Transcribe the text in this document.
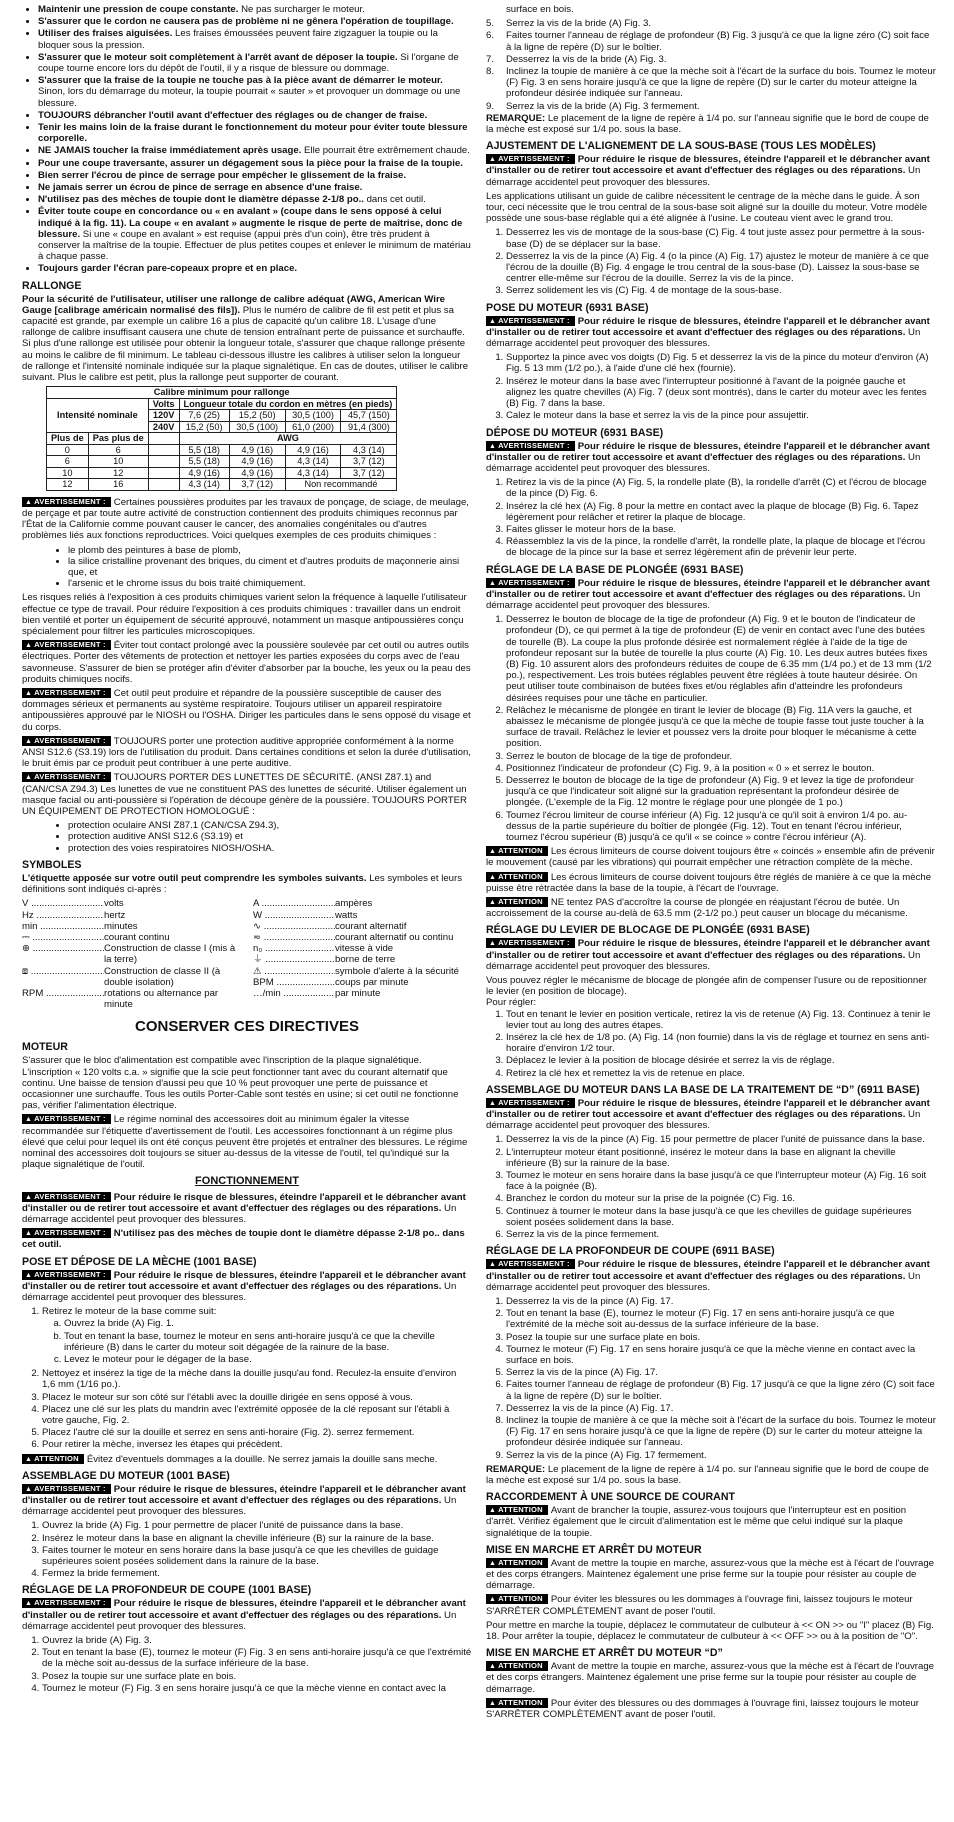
• Maintenir une pression de coupe constante. Ne pas surcharger le moteur.
• S'assurer que le cordon ne causera pas de problème ni ne gênera l'opération de toupillage.
• Utiliser des fraises aiguisées. Les fraises émoussées peuvent faire zigzaguer la toupie ou la bloquer sous la pression.
• S'assurer que le moteur soit complètement à l'arrêt avant de déposer la toupie. Si l'organe de coupe tourne encore lors du dépôt de l'outil, il y a risque de blessure ou dommage.
• S'assurer que la fraise de la toupie ne touche pas à la pièce avant de démarrer le moteur. Sinon, lors du démarrage du moteur, la toupie pourrait « sauter » et provoquer un dommage ou une blessure.
• TOUJOURS débrancher l'outil avant d'effectuer des réglages ou de changer de fraise.
• Tenir les mains loin de la fraise durant le fonctionnement du moteur pour éviter toute blessure corporelle.
• NE JAMAIS toucher la fraise immédiatement après usage. Elle pourrait être extrêmement chaude.
• Pour une coupe traversante, assurer un dégagement sous la pièce pour la fraise de la toupie.
• Bien serrer l'écrou de pince de serrage pour empêcher le glissement de la fraise.
• Ne jamais serrer un écrou de pince de serrage en absence d'une fraise.
• N'utilisez pas des mèches de toupie dont le diamètre dépasse 2-1/8 po.. dans cet outil.
• Éviter toute coupe en concordance ou « en avalant » (coupe dans le sens opposé à celui indiqué à la fig. 11). La coupe « en avalant » augmente le risque de perte de maîtrise, donc de blessure. Si une « coupe en avalant » est requise (appui près d'un coin), être très prudent à conserver la maîtrise de la toupie. Effectuer de plus petites coupes et enlever le minimum de matériau à chaque passe.
• Toujours garder l'écran pare-copeaux propre et en place.
RALLONGE

Pour la sécurité de l'utilisateur, utiliser une rallonge de calibre adéquat (AWG, American Wire Gauge [calibrage américain normalisé des fils]). Plus le numéro de calibre de fil est petit et plus sa capacité est grande, par exemple un calibre 16 a plus de capacité qu'un calibre 18. L'usage d'une rallonge de calibre insuffisant causera une chute de tension entraînant perte de puissance et surchauffe. Si plus d'une rallonge est utilisée pour obtenir la longueur totale, s'assurer que chaque rallonge présente au moins le calibre de fil minimum. Le tableau ci-dessous illustre les calibres à utiliser selon la longueur de rallonge et l'intensité nominale indiquée sur la plaque signalétique. En cas de doutes, utiliser le calibre suivant. Plus le calibre est petit, plus la rallonge peut supporter de courant.

Calibre minimum pour rallonge						
Intensité nominale		Volts	Longueur totale du cordon en mètres (en pieds)			
		120V	7,6 (25)	15,2 (50)	30,5 (100)	45,7 (150)
		240V	15,2 (50)	30,5 (100)	61,0 (200)	91,4 (300)
Plus de	Pas plus de		AWG			
0	6		5,5 (18)	4,9 (16)	4,9 (16)	4,3 (14)
6	10		5,5 (18)	4,9 (16)	4,3 (14)	3,7 (12)
10	12		4,9 (16)	4,9 (16)	4,3 (14)	3,7 (12)
12	16		4,3 (14)	3,7 (12)	Non recommandé	

▲ AVERTISSEMENT : Certaines poussières produites par les travaux de ponçage, de sciage, de meulage, de perçage et par toute autre activité de construction contiennent des produits chimiques reconnus par l'État de la Californie comme pouvant causer le cancer, des anomalies congénitales ou d'autres problèmes liés aux fonctions reproductrices. Voici quelques exemples de ces produits chimiques :

• le plomb des peintures à base de plomb,
• la silice cristalline provenant des briques, du ciment et d'autres produits de maçonnerie ainsi que, et
• l'arsenic et le chrome issus du bois traité chimiquement.

Les risques reliés à l'exposition à ces produits chimiques varient selon la fréquence à laquelle l'utilisateur effectue ce type de travail. Pour réduire l'exposition à ces produits chimiques : travailler dans un endroit bien ventilé et porter un équipement de sécurité approuvé, notamment un masque antipoussières conçu spécialement pour filtrer les particules microscopiques.

▲ AVERTISSEMENT : Éviter tout contact prolongé avec la poussière soulevée par cet outil ou autres outils électriques. Porter des vêtements de protection et nettoyer les parties exposées du corps avec de l'eau savonneuse. S'assurer de bien se protéger afin d'éviter d'absorber par la bouche, les yeux ou la peau des produits chimiques nocifs.

▲ AVERTISSEMENT : Cet outil peut produire et répandre de la poussière susceptible de causer des dommages sérieux et permanents au système respiratoire. Toujours utiliser un appareil respiratoire antipoussières approuvé par le NIOSH ou l'OSHA. Diriger les particules dans le sens opposé du visage et du corps.

▲ AVERTISSEMENT : TOUJOURS porter une protection auditive appropriée conformément à la norme ANSI S12.6 (S3.19) lors de l'utilisation du produit. Dans certaines conditions et selon la durée d'utilisation, le bruit émis par ce produit peut contribuer à une perte auditive.

▲ AVERTISSEMENT : TOUJOURS PORTER DES LUNETTES DE SÉCURITÉ. (ANSI Z87.1) and (CAN/CSA Z94.3) Les lunettes de vue ne constituent PAS des lunettes de sécurité. Utiliser également un masque facial ou anti-poussière si l'opération de découpe génère de la poussière. TOUJOURS PORTER UN ÉQUIPEMENT DE PROTECTION HOMOLOGUÉ :

• protection oculaire ANSI Z87.1 (CAN/CSA Z94.3),
• protection auditive ANSI S12.6 (S3.19) et
• protection des voies respiratoires NIOSH/OSHA.
SYMBOLES

L'étiquette apposée sur votre outil peut comprendre les symboles suivants. Les symboles et leurs définitions sont indiqués ci-après :

V .....	volts
Hz .....	hertz
min .....	minutes
⎓ .....	courant continu
⊕ .....	Construction de classe I (mis à la terre)
⧈ .....	Construction de classe II (à double isolation)
RPM .....	rotations ou alternance par minute
A .....	ampères
W .....	watts
∿ .....	courant alternatif
≂ .....	courant alternatif ou continu
n₀ .....	vitesse à vide
⏚ .....	borne de terre
⚠ .....	symbole d'alerte à la sécurité
BPM .....	coups par minute
…/min .....	par minute
CONSERVER CES DIRECTIVES
MOTEUR

S'assurer que le bloc d'alimentation est compatible avec l'inscription de la plaque signalétique. L'inscription « 120 volts c.a. » signifie que la scie peut fonctionner tant avec du courant alternatif que continu. Une baisse de tension d'aussi peu que 10 % peut provoquer une perte de puissance et occasionner une surchauffe. Tous les outils Porter-Cable sont testés en usine; si cet outil ne fonctionne pas, vérifier l'alimentation électrique.

▲ AVERTISSEMENT : Le régime nominal des accessoires doit au minimum égaler la vitesse recommandée sur l'étiquette d'avertissement de l'outil. Les accessoires fonctionnant à un régime plus élevé que celui pour lequel ils ont été conçus peuvent être projetés et entraîner des blessures. Le régime nominal des accessoires doit toujours se situer au-dessus de la vitesse de l'outil, tel qu'indiqué sur la plaque signalétique de l'outil.

FONCTIONNEMENT

▲ AVERTISSEMENT : Pour réduire le risque de blessures, éteindre l'appareil et le débrancher avant d'installer ou de retirer tout accessoire et avant d'effectuer des réglages ou des réparations. Un démarrage accidentel peut provoquer des blessures.

▲ AVERTISSEMENT : N'utilisez pas des mèches de toupie dont le diamètre dépasse 2-1/8 po.. dans cet outil.

POSE ET DÉPOSE DE LA MÈCHE (1001 BASE)

▲ AVERTISSEMENT : Pour réduire le risque de blessures, éteindre l'appareil et le débrancher avant d'installer ou de retirer tout accessoire et avant d'effectuer des réglages ou des réparations. Un démarrage accidentel peut provoquer des blessures.

1. Retirez le moteur de la base comme suit:
a. Ouvrez la bride (A) Fig. 1.
b. Tout en tenant la base, tournez le moteur en sens anti-horaire jusqu'à ce que la cheville inférieure (B) dans le carter du moteur soit dégagée de la rainure de la base.
c. Levez le moteur pour le dégager de la base.
2. Nettoyez et insérez la tige de la mèche dans la douille jusqu'au fond. Reculez-la ensuite d'environ 1,6 mm (1/16 po.).
3. Placez le moteur sur son côté sur l'établi avec la douille dirigée en sens opposé à vous.
4. Placez une clé sur les plats du mandrin avec l'extrémité opposée de la clé reposant sur l'établi à votre gauche, Fig. 2.
5. Placez l'autre clé sur la douille et serrez en sens anti-horaire (Fig. 2). serrez fermement.
6. Pour retirer la mèche, inversez les étapes qui précèdent.

▲ ATTENTION Évitez d'eventuels dommages a la douille. Ne serrez jamais la douille sans meche.

ASSEMBLAGE DU MOTEUR (1001 BASE)

▲ AVERTISSEMENT : Pour réduire le risque de blessures, éteindre l'appareil et le débrancher avant d'installer ou de retirer tout accessoire et avant d'effectuer des réglages ou des réparations. Un démarrage accidentel peut provoquer des blessures.

1. Ouvrez la bride (A) Fig. 1 pour permettre de placer l'unité de puissance dans la base.
2. Insérez le moteur dans la base en alignant la cheville inférieure (B) sur la rainure de la base.
3. Faites tourner le moteur en sens horaire dans la base jusqu'à ce que les chevilles de guidage supérieures soient posées solidement dans la rainure de la base.
4. Fermez la bride fermement.
RÉGLAGE DE LA PROFONDEUR DE COUPE (1001 BASE)

▲ AVERTISSEMENT : Pour réduire le risque de blessures, éteindre l'appareil et le débrancher avant d'installer ou de retirer tout accessoire et avant d'effectuer des réglages ou des réparations. Un démarrage accidentel peut provoquer des blessures.

1. Ouvrez la bride (A) Fig. 3.
2. Tout en tenant la base (E), tournez le moteur (F) Fig. 3 en sens anti-horaire jusqu'à ce que l'extrémité de la mèche soit au-dessus de la surface inférieure de la base.
3. Posez la toupie sur une surface plate en bois.
4. Tournez le moteur (F) Fig. 3 en sens horaire jusqu'à ce que la mèche vienne en contact avec la

surface en bois.

5.	Serrez la vis de la bride (A) Fig. 3.
6.	Faites tourner l'anneau de réglage de profondeur (B) Fig. 3 jusqu'à ce que la ligne zéro (C) soit face à la ligne de repère (D) sur le boîtier.
7.	Desserrez la vis de la bride (A) Fig. 3.
8.	Inclinez la toupie de manière à ce que la mèche soit à l'écart de la surface du bois. Tournez le moteur (F) Fig. 3 en sens horaire jusqu'à ce que la ligne de repère (D) sur le carter du moteur atteigne la profondeur désirée indiquée sur l'anneau.
9.	Serrez la vis de la bride (A) Fig. 3 fermement.

REMARQUE: Le placement de la ligne de repère à 1/4 po. sur l'anneau signifie que le bord de coupe de la mèche est exposé sur 1/4 po. sous la base.

AJUSTEMENT DE L'ALIGNEMENT DE LA SOUS-BASE (TOUS LES MODÈLES)

▲ AVERTISSEMENT : Pour réduire le risque de blessures, éteindre l'appareil et le débrancher avant d'installer ou de retirer tout accessoire et avant d'effectuer des réglages ou des réparations. Un démarrage accidentel peut provoquer des blessures.

Les applications utilisant un guide de calibre nécessitent le centrage de la mèche dans le guide. À son tour, ceci nécessite que le trou central de la sous-base soit aligné sur la douille du moteur. Votre modèle possède une sous-base réglable qui a été alignée à l'usine. Le couteau vient avec le grand trou.

1. Desserrez les vis de montage de la sous-base (C) Fig. 4 tout juste assez pour permettre à la sous-base (D) de se déplacer sur la base.
2. Desserrez la vis de la pince (A) Fig. 4 (o la pince (A) Fig. 17) ajustez le moteur de manière à ce que l'écrou de la douille (B) Fig. 4 engage le trou central de la sous-base (D). Laissez la sous-base se centrer elle-même sur l'écrou de la douille. Serrez la vis de la pince.
3. Serrez solidement les vis (C) Fig. 4 de montage de la sous-base.
POSE DU MOTEUR (6931 BASE)

▲ AVERTISSEMENT : Pour réduire le risque de blessures, éteindre l'appareil et le débrancher avant d'installer ou de retirer tout accessoire et avant d'effectuer des réglages ou des réparations. Un démarrage accidentel peut provoquer des blessures.

1. Supportez la pince avec vos doigts (D) Fig. 5 et desserrez la vis de la pince du moteur d'environ (A) Fig. 5 13 mm (1/2 po.), à l'aide d'une clé hex (fournie).
2. Insérez le moteur dans la base avec l'interrupteur positionné à l'avant de la poignée gauche et alignez les quatre chevilles (A) Fig. 7 (deux sont montrés), dans le carter du moteur avec les fentes (B) Fig. 7 dans la base.
3. Calez le moteur dans la base et serrez la vis de la pince pour assujettir.
DÉPOSE DU MOTEUR (6931 BASE)

▲ AVERTISSEMENT : Pour réduire le risque de blessures, éteindre l'appareil et le débrancher avant d'installer ou de retirer tout accessoire et avant d'effectuer des réglages ou des réparations. Un démarrage accidentel peut provoquer des blessures.

1. Retirez la vis de la pince (A) Fig. 5, la rondelle plate (B), la rondelle d'arrêt (C) et l'écrou de blocage de la pince (D) Fig. 6.
2. Insérez la clé hex (A) Fig. 8 pour la mettre en contact avec la plaque de blocage (B) Fig. 6. Tapez légèrement pour relâcher et retirer la plaque de blocage.
3. Faites glisser le moteur hors de la base.
4. Réassemblez la vis de la pince, la rondelle d'arrêt, la rondelle plate, la plaque de blocage et l'écrou de blocage de la pince sur la base et serrez légèrement afin de prévenir leur perte.
RÉGLAGE DE LA BASE DE PLONGÉE (6931 BASE)

▲ AVERTISSEMENT : Pour réduire le risque de blessures, éteindre l'appareil et le débrancher avant d'installer ou de retirer tout accessoire et avant d'effectuer des réglages ou des réparations. Un démarrage accidentel peut provoquer des blessures.

1. Desserrez le bouton de blocage de la tige de profondeur (A) Fig. 9 et le bouton de l'indicateur de profondeur (D), ce qui permet à la tige de profondeur (E) de venir en contact avec l'une des butées de tourelle (B). La coupe la plus profonde désirée est normalement réglée à l'aide de la tige de profondeur reposant sur la butée de tourelle la plus courte (A) Fig. 10. Les deux autres butées fixes (B) Fig. 10 assurent alors des profondeurs réduites de coupe de 6.35 mm (1/4 po.) et de 13 mm (1/2 po.), respectivement. Les trois butées réglables peuvent être réglées à toute hauteur désirée. On peut utiliser toute combinaison de butées fixes et/ou réglables afin d'atteindre les profondeurs désirées requises pour une tâche en particulier.
2. Relâchez le mécanisme de plongée en tirant le levier de blocage (B) Fig. 11A vers la gauche, et abaissez le mécanisme de plongée jusqu'à ce que la mèche de toupie fasse tout juste toucher à la surface de travail. Relâchez le levier et poussez vers la droite pour bloquer le mécanisme à cette position.
3. Serrez le bouton de blocage de la tige de profondeur.
4. Positionnez l'indicateur de profondeur (C) Fig. 9, à la position « 0 » et serrez le bouton.
5. Desserrez le bouton de blocage de la tige de profondeur (A) Fig. 9 et levez la tige de profondeur jusqu'à ce que l'indicateur soit aligné sur la graduation représentant la profondeur désirée de plongée. (L'exemple de la Fig. 12 montre le réglage pour une plongée de 1 po.)
6. Tournez l'écrou limiteur de course inférieur (A) Fig. 12 jusqu'à ce qu'il soit à environ 1/4 po. au-dessus de la partie supérieure du boîtier de plongée (Fig. 12). Tout en tenant l'écrou inférieur, tournez l'écrou supérieur (B) jusqu'à ce qu'il « se coince » contre l'écrou inférieur (A).

▲ ATTENTION Les écrous limiteurs de course doivent toujours être « coincés » ensemble afin de prévenir le mouvement (causé par les vibrations) qui pourrait empêcher une rétraction complète de la mèche.

▲ ATTENTION Les écrous limiteurs de course doivent toujours être réglés de manière à ce que la mèche puisse être rétractée dans la base de la toupie, à l'écart de l'ouvrage.

▲ ATTENTION NE tentez PAS d'accroître la course de plongée en réajustant l'écrou de butée. Un accroissement de la course au-delà de 63.5 mm (2-1/2 po.) peut causer un blocage du mécanisme.

RÉGLAGE DU LEVIER DE BLOCAGE DE PLONGÉE (6931 BASE)

▲ AVERTISSEMENT : Pour réduire le risque de blessures, éteindre l'appareil et le débrancher avant d'installer ou de retirer tout accessoire et avant d'effectuer des réglages ou des réparations. Un démarrage accidentel peut provoquer des blessures.

Vous pouvez régler le mécanisme de blocage de plongée afin de compenser l'usure ou de repositionner le levier (en position de blocage).

Pour régler:

1. Tout en tenant le levier en position verticale, retirez la vis de retenue (A) Fig. 13. Continuez à tenir le levier tout au long des autres étapes.
2. Insérez la clé hex de 1/8 po. (A) Fig. 14 (non fournie) dans la vis de réglage et tournez en sens anti-horaire d'environ 1/2 tour.
3. Déplacez le levier à la position de blocage désirée et serrez la vis de réglage.
4. Retirez la clé hex et remettez la vis de retenue en place.
ASSEMBLAGE DU MOTEUR DANS LA BASE DE LA TRAITEMENT DE “D” (6911 BASE)

▲ AVERTISSEMENT : Pour réduire le risque de blessures, éteindre l'appareil et le débrancher avant d'installer ou de retirer tout accessoire et avant d'effectuer des réglages ou des réparations. Un démarrage accidentel peut provoquer des blessures.

1. Desserrez la vis de la pince (A) Fig. 15 pour permettre de placer l'unité de puissance dans la base.
2. L'interrupteur moteur étant positionné, insérez le moteur dans la base en alignant la cheville inférieure (B) sur la rainure de la base.
3. Tournez le moteur en sens horaire dans la base jusqu'à ce que l'interrupteur moteur (A) Fig. 16 soit face à la poignée (B).
4. Branchez le cordon du moteur sur la prise de la poignée (C) Fig. 16.
5. Continuez à tourner le moteur dans la base jusqu'à ce que les chevilles de guidage supérieures soient posées solidement dans la base.
6. Serrez la vis de la pince fermement.
RÉGLAGE DE LA PROFONDEUR DE COUPE (6911 BASE)

▲ AVERTISSEMENT : Pour réduire le risque de blessures, éteindre l'appareil et le débrancher avant d'installer ou de retirer tout accessoire et avant d'effectuer des réglages ou des réparations. Un démarrage accidentel peut provoquer des blessures.

1. Desserrez la vis de la pince (A) Fig. 17.
2. Tout en tenant la base (E), tournez le moteur (F) Fig. 17 en sens anti-horaire jusqu'à ce que l'extrémité de la mèche soit au-dessus de la surface inférieure de la base.
3. Posez la toupie sur une surface plate en bois.
4. Tournez le moteur (F) Fig. 17 en sens horaire jusqu'à ce que la mèche vienne en contact avec la surface en bois.
5. Serrez la vis de la pince (A) Fig. 17.
6. Faites tourner l'anneau de réglage de profondeur (B) Fig. 17 jusqu'à ce que la ligne zéro (C) soit face à la ligne de repère (D) sur le boîtier.
7. Desserrez la vis de la pince (A) Fig. 17.
8. Inclinez la toupie de manière à ce que la mèche soit à l'écart de la surface du bois. Tournez le moteur (F) Fig. 17 en sens horaire jusqu'à ce que la ligne de repère (D) sur le carter du moteur atteigne la profondeur désirée indiquée sur l'anneau.
9. Serrez la vis de la pince (A) Fig. 17 fermement.

REMARQUE: Le placement de la ligne de repère à 1/4 po. sur l'anneau signifie que le bord de coupe de la mèche est exposé sur 1/4 po. sous la base.

RACCORDEMENT À UNE SOURCE DE COURANT

▲ ATTENTION Avant de brancher la toupie, assurez-vous toujours que l'interrupteur est en position d'arrêt. Vérifiez également que le circuit d'alimentation est le même que celui indiqué sur la plaque signalétique de la toupie.

MISE EN MARCHE ET ARRÊT DU MOTEUR

▲ ATTENTION Avant de mettre la toupie en marche, assurez-vous que la mèche est à l'écart de l'ouvrage et des corps étrangers. Maintenez également une prise ferme sur la toupie pour résister au couple de démarrage.

▲ ATTENTION Pour éviter les blessures ou les dommages à l'ouvrage fini, laissez toujours le moteur S'ARRÊTER COMPLÈTEMENT avant de poser l'outil.

Pour mettre en marche la toupie, déplacez le commutateur de culbuteur à << ON >> ou "I" placez (B) Fig. 18. Pour arrêter la toupie, déplacez le commutateur de culbuteur à << OFF >> ou à la position de "O".

MISE EN MARCHE ET ARRÊT DU MOTEUR “D”

▲ ATTENTION Avant de mettre la toupie en marche, assurez-vous que la mèche est à l'écart de l'ouvrage et des corps étrangers. Maintenez également une prise ferme sur la toupie pour résister au couple de démarrage.

▲ ATTENTION Pour éviter des blessures ou des dommages à l'ouvrage fini, laissez toujours le moteur S'ARRÊTER COMPLÈTEMENT avant de poser l'outil.
